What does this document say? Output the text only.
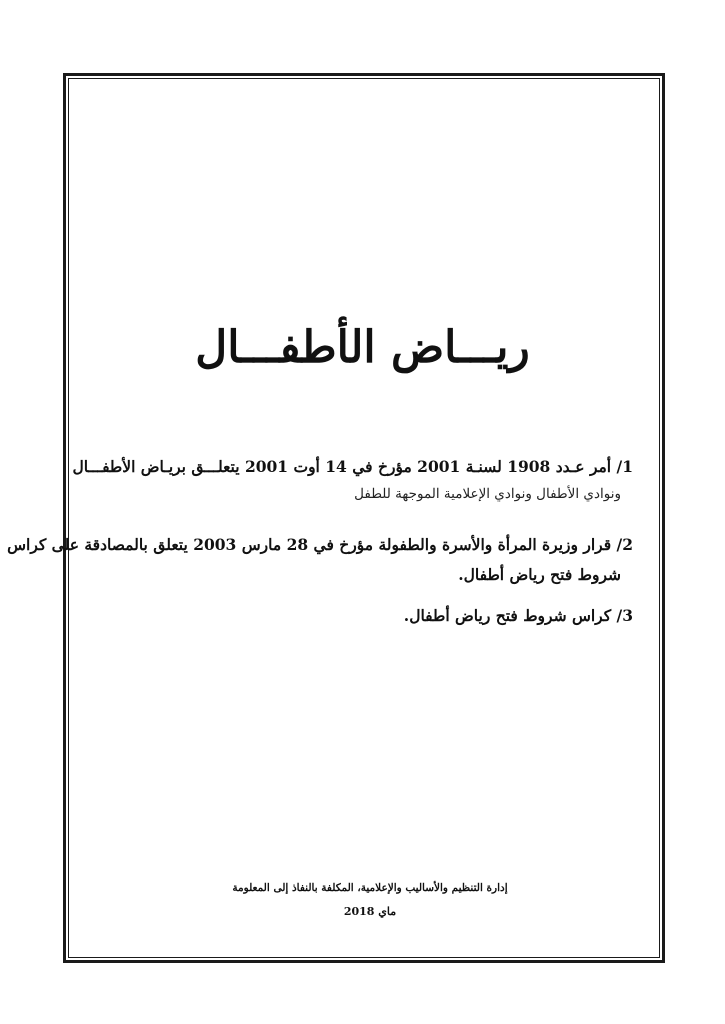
ريـــاض الأطفـــال
1/ أمر عـدد 1908 لسنـة 2001 مؤرخ في 14 أوت 2001 يتعلـــق بريـاض الأطفـــال
ونوادي الأطفال ونوادي الإعلامية الموجهة للطفل
2/ قرار وزيرة المرأة والأسرة والطفولة مؤرخ في 28 مارس 2003 يتعلق بالمصادقة على كراس
شروط فتح رياض أطفال.
3/ كراس شروط فتح رياض أطفال.
إدارة التنظيم والأساليب والإعلامية، المكلفة بالنفاذ إلى المعلومة
ماي 2018
